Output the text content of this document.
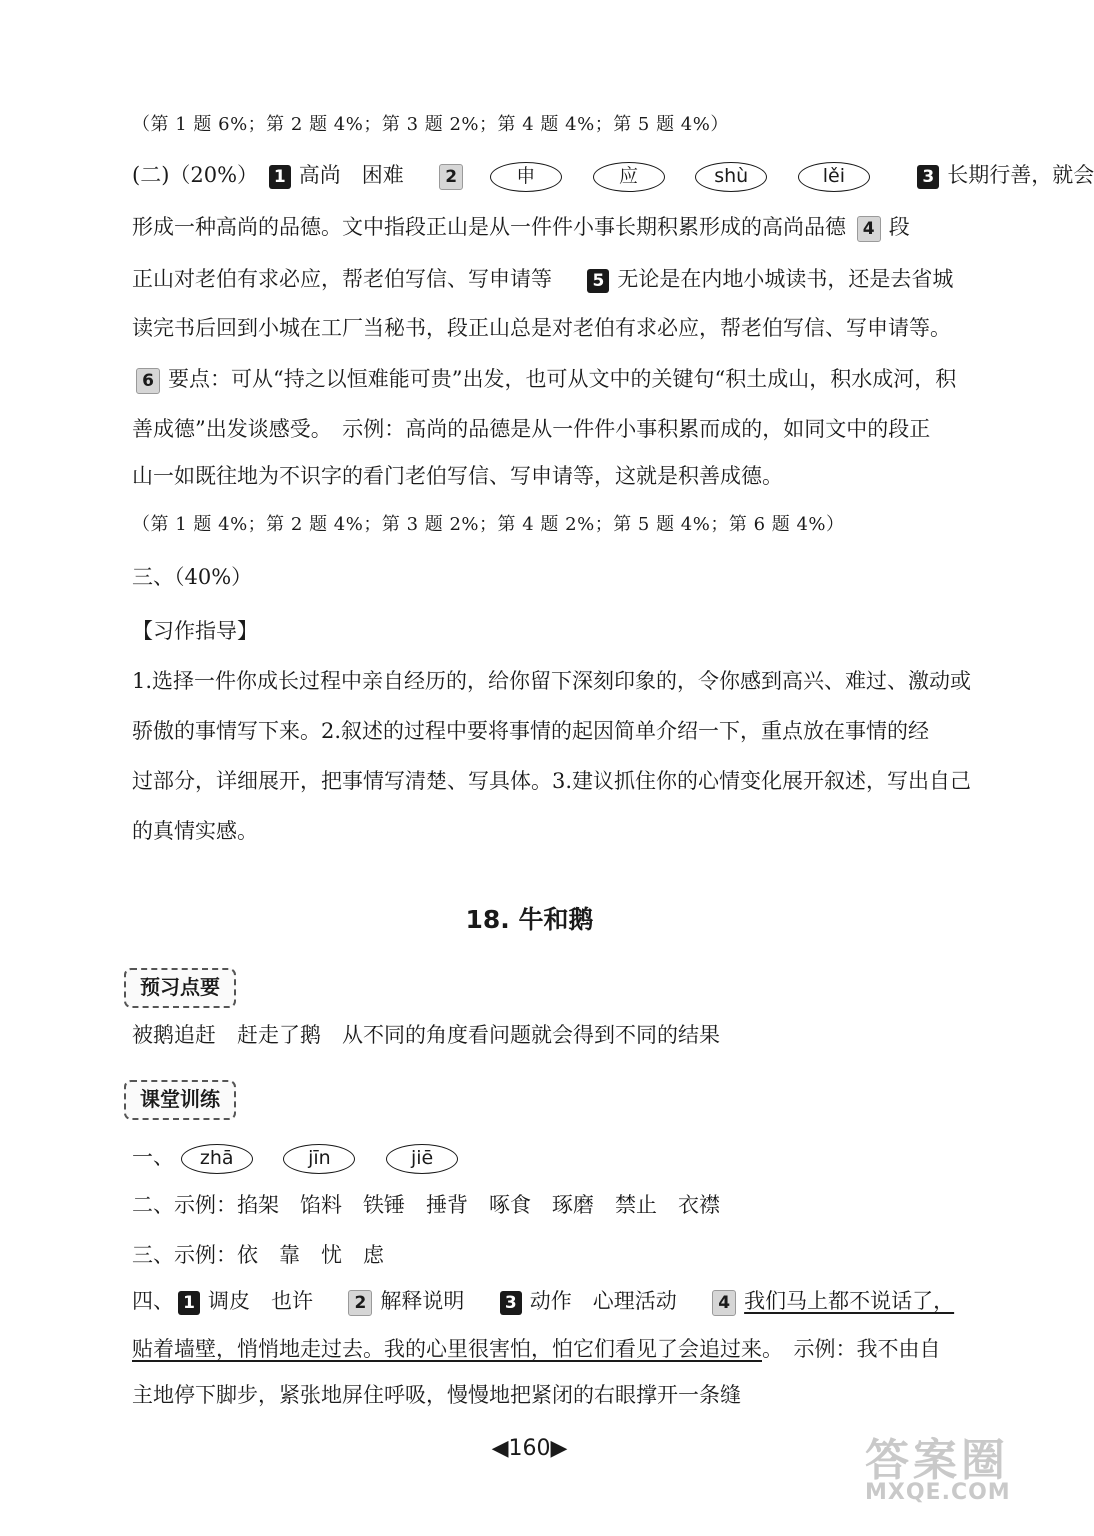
（第 1 题 6%；第 2 题 4%；第 3 题 2%；第 4 题 4%；第 5 题 4%）
(二)（20%） 1 高尚　困难 2	申	应	shù	lěi	3 长期行善，就会
形成一种高尚的品德。文中指段正山是从一件件小事长期积累形成的高尚品德 4 段
正山对老伯有求必应，帮老伯写信、写申请等 5 无论是在内地小城读书，还是去省城
读完书后回到小城在工厂当秘书，段正山总是对老伯有求必应，帮老伯写信、写申请等。
6 要点：可从“持之以恒难能可贵”出发，也可从文中的关键句“积土成山，积水成河，积
善成德”出发谈感受。　示例：高尚的品德是从一件件小事积累而成的，如同文中的段正
山一如既往地为不识字的看门老伯写信、写申请等，这就是积善成德。
（第 1 题 4%；第 2 题 4%；第 3 题 2%；第 4 题 2%；第 5 题 4%；第 6 题 4%）
三、（40%）
【习作指导】
1.选择一件你成长过程中亲自经历的，给你留下深刻印象的，令你感到高兴、难过、激动或
骄傲的事情写下来。2.叙述的过程中要将事情的起因简单介绍一下，重点放在事情的经
过部分，详细展开，把事情写清楚、写具体。3.建议抓住你的心情变化展开叙述，写出自己
的真情实感。
18. 牛和鹅
预习点要
被鹅追赶　赶走了鹅　从不同的角度看问题就会得到不同的结果
课堂训练
一、 zhā	jīn	jiē
二、示例：掐架　馅料　铁锤　捶背　啄食　琢磨　禁止　衣襟
三、示例：依　靠　忧　虑
四、 1 调皮　也许 2 解释说明 3 动作　心理活动 4 我们马上都不说话了，
贴着墙壁，悄悄地走过去。我的心里很害怕，怕它们看见了会追过来。　示例：我不由自
主地停下脚步，紧张地屏住呼吸，慢慢地把紧闭的右眼撑开一条缝
◀160▶	答案圈
MXQE.COM
